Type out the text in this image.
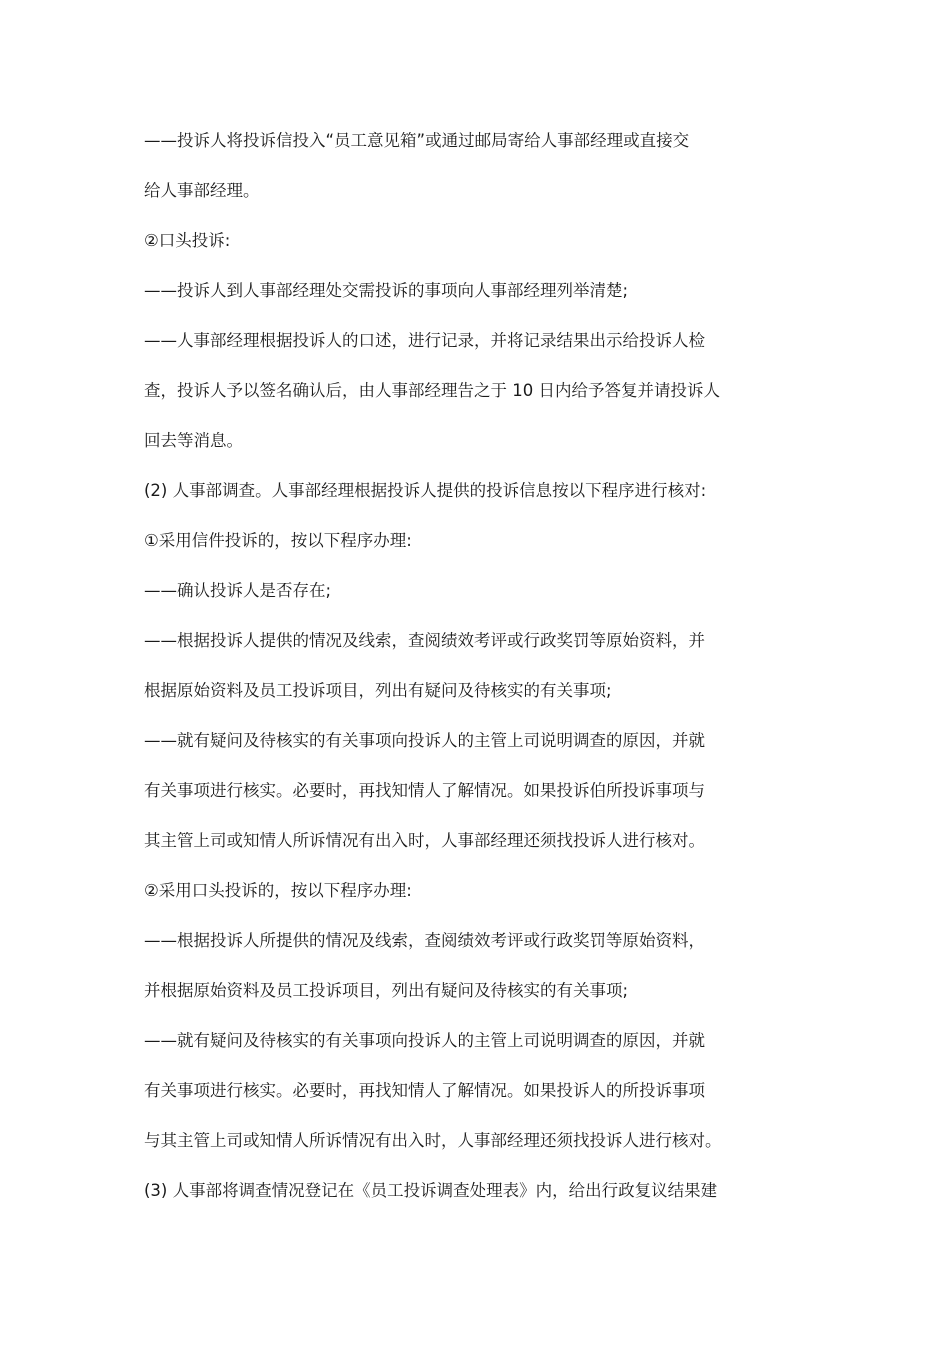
——投诉人将投诉信投入“员工意见箱”或通过邮局寄给人事部经理或直接交
给人事部经理。
②口头投诉:
——投诉人到人事部经理处交需投诉的事项向人事部经理列举清楚;
——人事部经理根据投诉人的口述，进行记录，并将记录结果出示给投诉人检
查，投诉人予以签名确认后，由人事部经理告之于 10 日内给予答复并请投诉人
回去等消息。
(2) 人事部调查。人事部经理根据投诉人提供的投诉信息按以下程序进行核对:
①采用信件投诉的，按以下程序办理:
——确认投诉人是否存在;
——根据投诉人提供的情况及线索，查阅绩效考评或行政奖罚等原始资料，并
根据原始资料及员工投诉项目，列出有疑问及待核实的有关事项;
——就有疑问及待核实的有关事项向投诉人的主管上司说明调查的原因，并就
有关事项进行核实。必要时，再找知情人了解情况。如果投诉伯所投诉事项与
其主管上司或知情人所诉情况有出入时，人事部经理还须找投诉人进行核对。
②采用口头投诉的，按以下程序办理:
——根据投诉人所提供的情况及线索，查阅绩效考评或行政奖罚等原始资料，
并根据原始资料及员工投诉项目，列出有疑问及待核实的有关事项;
——就有疑问及待核实的有关事项向投诉人的主管上司说明调查的原因，并就
有关事项进行核实。必要时，再找知情人了解情况。如果投诉人的所投诉事项
与其主管上司或知情人所诉情况有出入时，人事部经理还须找投诉人进行核对。
(3) 人事部将调查情况登记在《员工投诉调查处理表》内，给出行政复议结果建
